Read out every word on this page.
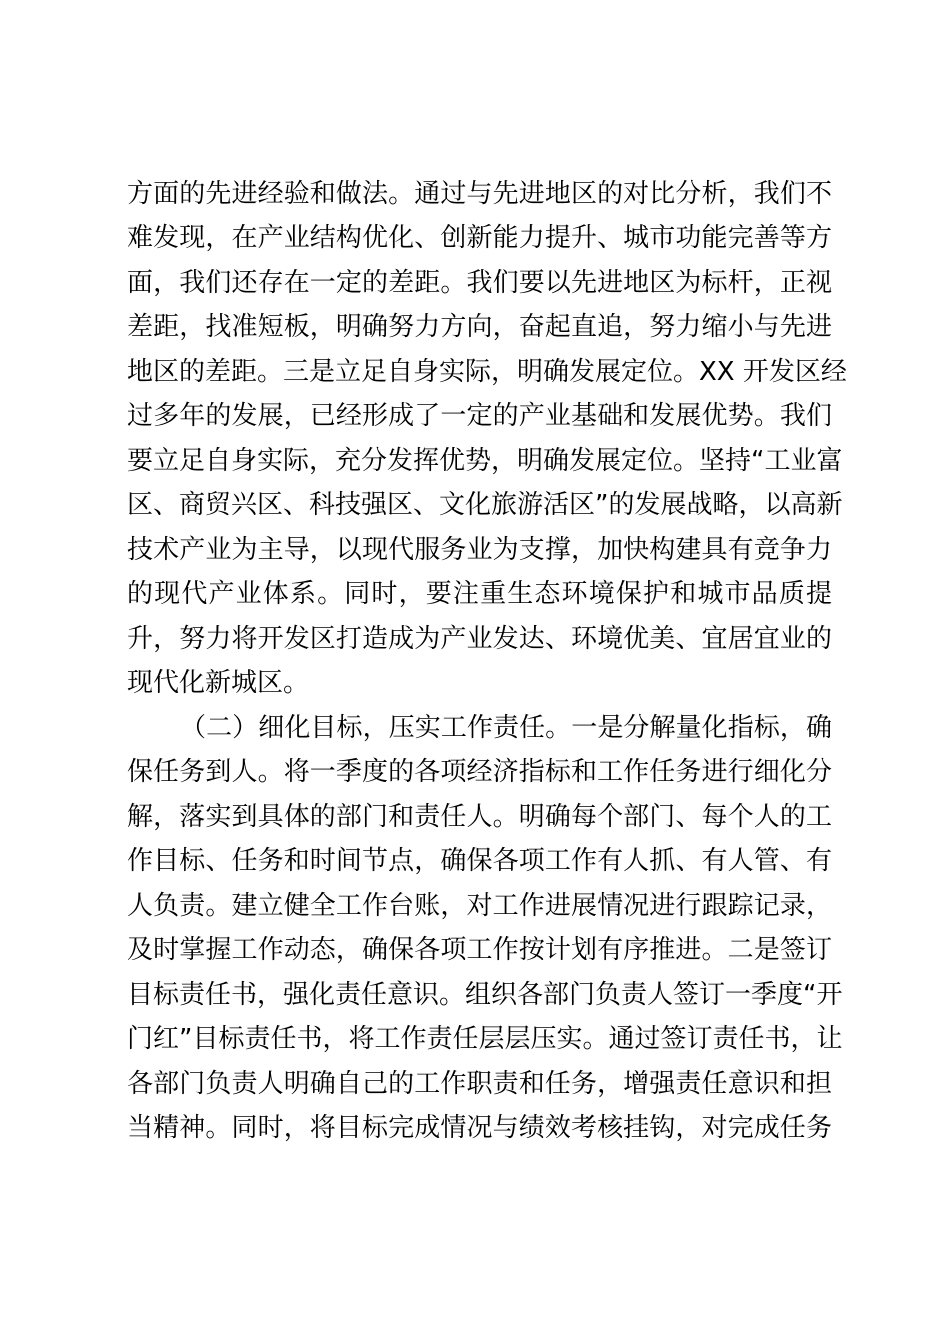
方面的先进经验和做法。通过与先进地区的对比分析，我们不
难发现，在产业结构优化、创新能力提升、城市功能完善等方
面，我们还存在一定的差距。我们要以先进地区为标杆，正视
差距，找准短板，明确努力方向，奋起直追，努力缩小与先进
地区的差距。三是立足自身实际，明确发展定位。XX 开发区经
过多年的发展，已经形成了一定的产业基础和发展优势。我们
要立足自身实际，充分发挥优势，明确发展定位。坚持“工业富
区、商贸兴区、科技强区、文化旅游活区”的发展战略，以高新
技术产业为主导，以现代服务业为支撑，加快构建具有竞争力
的现代产业体系。同时，要注重生态环境保护和城市品质提
升，努力将开发区打造成为产业发达、环境优美、宜居宜业的
现代化新城区。
（二）细化目标，压实工作责任。一是分解量化指标，确
保任务到人。将一季度的各项经济指标和工作任务进行细化分
解，落实到具体的部门和责任人。明确每个部门、每个人的工
作目标、任务和时间节点，确保各项工作有人抓、有人管、有
人负责。建立健全工作台账，对工作进展情况进行跟踪记录，
及时掌握工作动态，确保各项工作按计划有序推进。二是签订
目标责任书，强化责任意识。组织各部门负责人签订一季度“开
门红”目标责任书，将工作责任层层压实。通过签订责任书，让
各部门负责人明确自己的工作职责和任务，增强责任意识和担
当精神。同时，将目标完成情况与绩效考核挂钩，对完成任务
